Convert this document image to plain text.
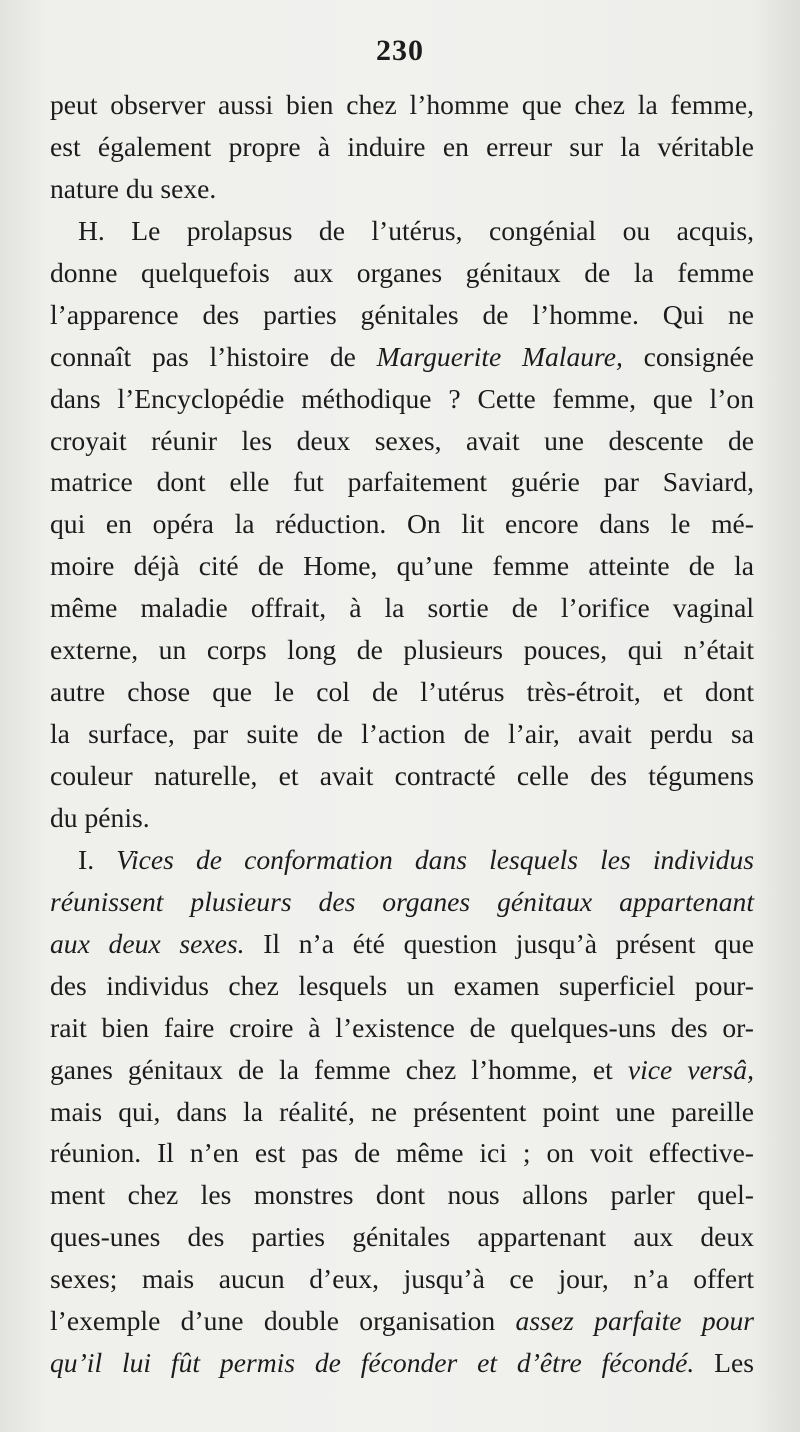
230
peut observer aussi bien chez l’homme que chez la femme,
est également propre à induire en erreur sur la véritable
nature du sexe.
H. Le prolapsus de l’utérus, congénial ou acquis,
donne quelquefois aux organes génitaux de la femme
l’apparence des parties génitales de l’homme. Qui ne
connaît pas l’histoire de Marguerite Malaure, consignée
dans l’Encyclopédie méthodique ? Cette femme, que l’on
croyait réunir les deux sexes, avait une descente de
matrice dont elle fut parfaitement guérie par Saviard,
qui en opéra la réduction. On lit encore dans le mé-
moire déjà cité de Home, qu’une femme atteinte de la
même maladie offrait, à la sortie de l’orifice vaginal
externe, un corps long de plusieurs pouces, qui n’était
autre chose que le col de l’utérus très-étroit, et dont
la surface, par suite de l’action de l’air, avait perdu sa
couleur naturelle, et avait contracté celle des tégumens
du pénis.
I. Vices de conformation dans lesquels les individus
réunissent plusieurs des organes génitaux appartenant
aux deux sexes. Il n’a été question jusqu’à présent que
des individus chez lesquels un examen superficiel pour-
rait bien faire croire à l’existence de quelques-uns des or-
ganes génitaux de la femme chez l’homme, et vice versâ,
mais qui, dans la réalité, ne présentent point une pareille
réunion. Il n’en est pas de même ici ; on voit effective-
ment chez les monstres dont nous allons parler quel-
ques-unes des parties génitales appartenant aux deux
sexes; mais aucun d’eux, jusqu’à ce jour, n’a offert
l’exemple d’une double organisation assez parfaite pour
qu’il lui fût permis de féconder et d’être fécondé. Les
